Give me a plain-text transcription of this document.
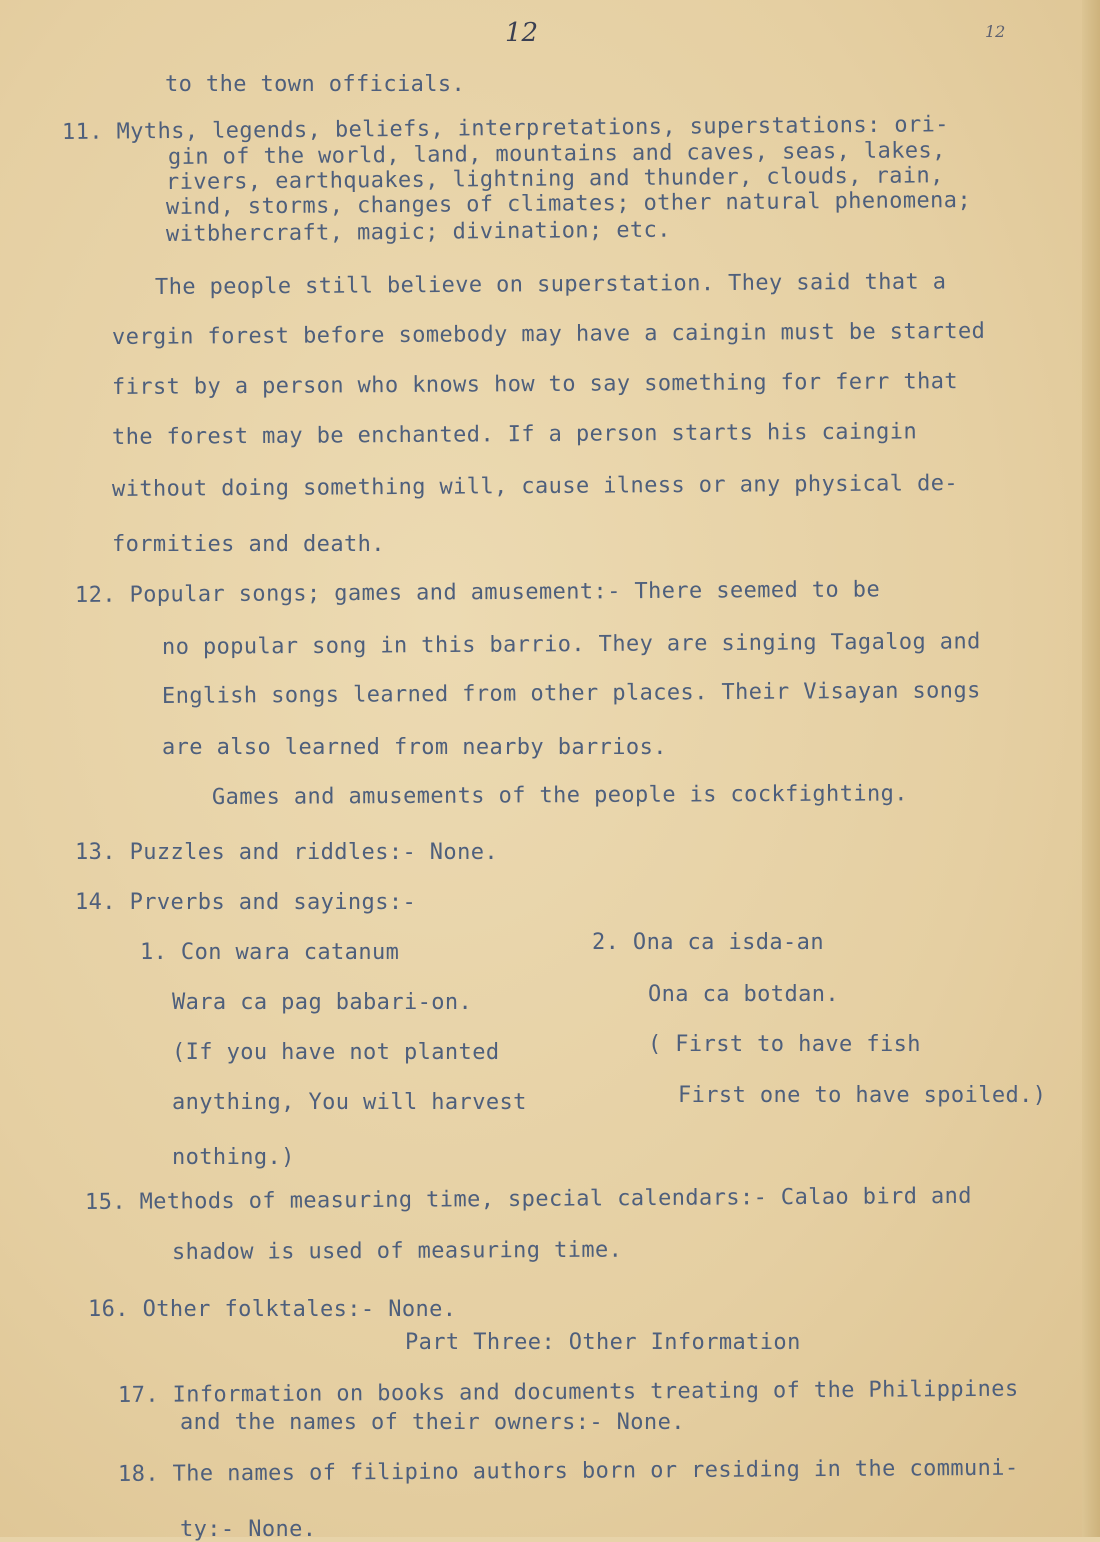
12	12
to the town officials.
11. Myths, legends, beliefs, interpretations, superstations: ori-
gin of the world, land, mountains and caves, seas, lakes,
rivers, earthquakes, lightning and thunder, clouds, rain,
wind, storms, changes of climates; other natural phenomena;
witbhercraft, magic; divination; etc.
The people still believe on superstation. They said that a
vergin forest before somebody may have a caingin must be started
first by a person who knows how to say something for ferr that
the forest may be enchanted. If a person starts his caingin
without doing something will, cause ilness or any physical de-
formities and death.
12. Popular songs; games and amusement:- There seemed to be
no popular song in this barrio. They are singing Tagalog and
English songs learned from other places. Their Visayan songs
are also learned from nearby barrios.
Games and amusements of the people is cockfighting.
13. Puzzles and riddles:- None.
14. Prverbs and sayings:-
1. Con wara catanum	2. Ona ca isda-an
Wara ca pag babari-on.	Ona ca botdan.
(If you have not planted	( First to have fish
anything, You will harvest	First one to have spoiled.)
nothing.)
15. Methods of measuring time, special calendars:- Calao bird and
shadow is used of measuring time.
16. Other folktales:- None.
Part Three: Other Information
17. Information on books and documents treating of the Philippines
and the names of their owners:- None.
18. The names of filipino authors born or residing in the communi-
ty:- None.
